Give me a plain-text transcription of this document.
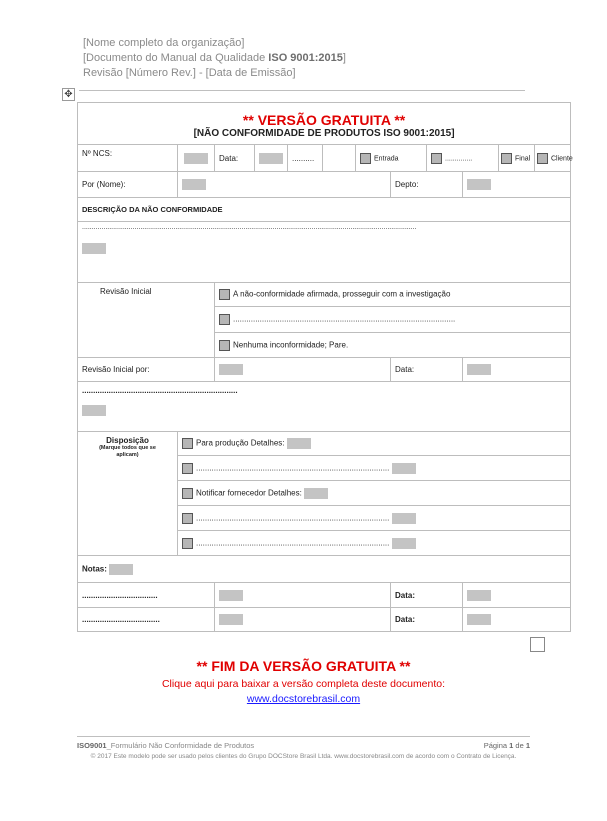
[Nome completo da organização]
[Documento do Manual da Qualidade ISO 9001:2015]
Revisão [Número Rev.] - [Data de Emissão]
✥
** VERSÃO GRATUITA **
[NÃO CONFORMIDADE DE PRODUTOS ISO 9001:2015]											

Nº NCS:		Data:		..........		Entrada		..............		Final	Cliente
Por (Nome):							Depto:				
DESCRIÇÃO DA NÃO CONFORMIDADE											

............................................................................................................................................................................											

Revisão Inicial		A não-conformidade afirmada, prosseguir com a investigação									
		....................................................................................................									
		Nenhuma inconformidade; Pare.									
Revisão Inicial por:							Data:				

......................................................................											

Disposição
(Marque todos que se aplicam)	Para produção Detalhes:										
	.......................................................................................										
	Notificar fornecedor Detalhes:										
	.......................................................................................										
	.......................................................................................										
Notas:											
..................................							Data:				
...................................							Data:				
** FIM DA VERSÃO GRATUITA **
Clique aqui para baixar a versão completa deste documento:
www.docstorebrasil.com
ISO9001_Formulário Não Conformidade de Produtos	Página 1 de 1
© 2017 Este modelo pode ser usado pelos clientes do Grupo DOCStore Brasil Ltda. www.docstorebrasil.com de acordo com o Contrato de Licença.
